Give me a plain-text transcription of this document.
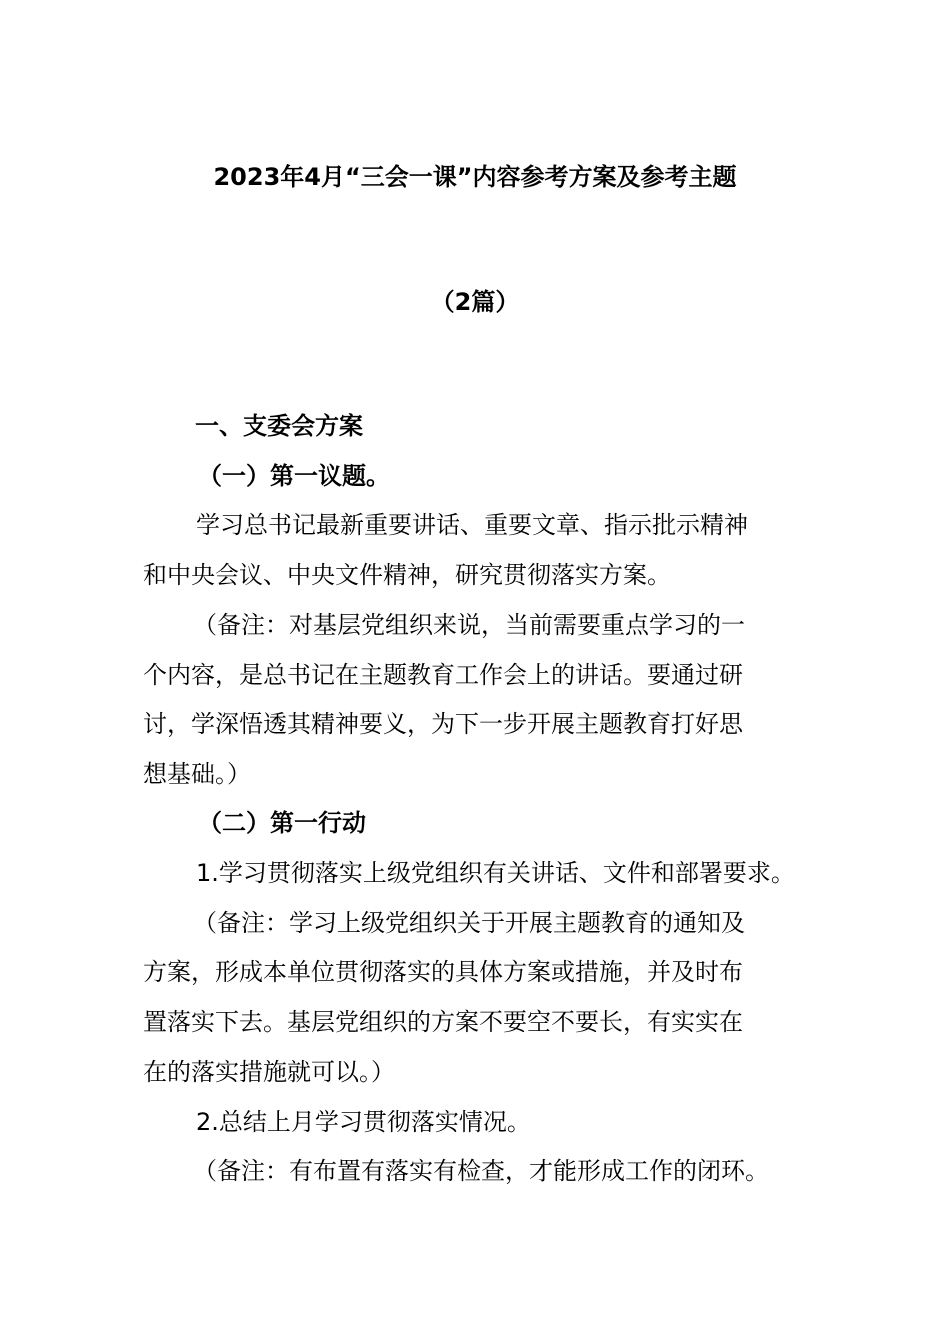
2023年4月“三会一课”内容参考方案及参考主题
（2篇）
一、支委会方案
（一）第一议题。
学习总书记最新重要讲话、重要文章、指示批示精神
和中央会议、中央文件精神，研究贯彻落实方案。
（备注：对基层党组织来说，当前需要重点学习的一
个内容，是总书记在主题教育工作会上的讲话。要通过研
讨，学深悟透其精神要义，为下一步开展主题教育打好思
想基础。）
（二）第一行动
1.学习贯彻落实上级党组织有关讲话、文件和部署要求。
（备注：学习上级党组织关于开展主题教育的通知及
方案，形成本单位贯彻落实的具体方案或措施，并及时布
置落实下去。基层党组织的方案不要空不要长，有实实在
在的落实措施就可以。）
2.总结上月学习贯彻落实情况。
（备注：有布置有落实有检查，才能形成工作的闭环。
